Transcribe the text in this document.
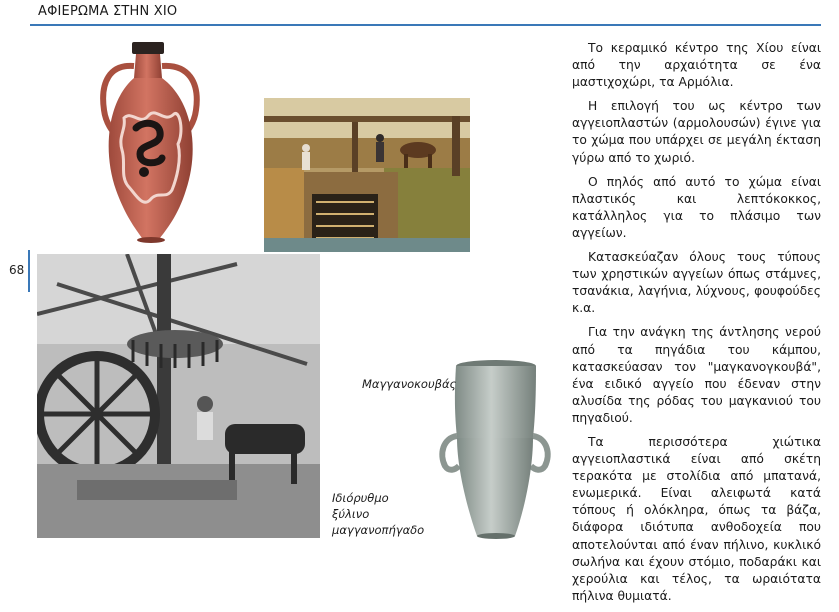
ΑΦΙΕΡΩΜΑ ΣΤΗΝ ΧΙΟ
68
Μαγγανοκουβάς
Ιδιόρυθμο
ξύλινο
μαγγανοπήγαδο

Το κεραμικό κέντρο της Χίου είναι από την αρχαιότητα σε ένα μαστιχοχώρι, τα Αρμόλια.

Η επιλογή του ως κέντρο των αγγειοπλαστών (αρμολουσών) έγινε για το χώμα που υπάρχει σε μεγάλη έκταση γύρω από το χωριό.

Ο πηλός από αυτό το χώμα είναι πλαστικός και λεπτόκοκκος, κατάλληλος για το πλάσιμο των αγγείων.

Κατασκεύαζαν όλους τους τύπους των χρηστικών αγγείων όπως στάμνες, τσανάκια, λαγήνια, λύχνους, φουφούδες κ.α.

Για την ανάγκη της άντλησης νερού από τα πηγάδια του κάμπου, κατασκεύασαν τον "μαγκανογκουβά", ένα ειδικό αγγείο που έδεναν στην αλυσίδα της ρόδας του μαγκανιού του πηγαδιού.

Τα περισσότερα χιώτικα αγγειοπλαστικά είναι από σκέτη τερακότα με στολίδια από μπατανά, ενωμερικά. Είναι αλειφωτά κατά τόπους ή ολόκληρα, όπως τα βάζα, διάφορα ιδιότυπα ανθοδοχεία που αποτελούνται από έναν πήλινο, κυκλικό σωλήνα και έχουν στόμιο, ποδαράκι και χερούλια και τέλος, τα ωραιότατα πήλινα θυμιατά.
